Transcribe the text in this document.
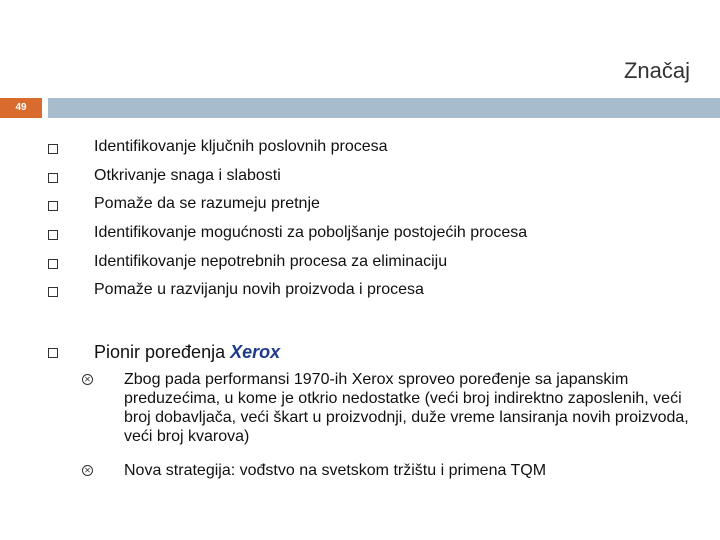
Značaj
49
Identifikovanje ključnih poslovnih procesa
Otkrivanje snaga i slabosti
Pomaže da se razumeju pretnje
Identifikovanje mogućnosti za poboljšanje postojećih procesa
Identifikovanje nepotrebnih procesa za eliminaciju
Pomaže u razvijanju novih proizvoda i procesa
Pionir poređenja Xerox
✕ Zbog pada performansi 1970-ih Xerox sproveo poređenje sa japanskim preduzećima, u kome je otkrio nedostatke (veći broj indirektno zaposlenih, veći broj dobavljača, veći škart u proizvodnji, duže vreme lansiranja novih proizvoda, veći broj kvarova)
✕ Nova strategija: vođstvo na svetskom tržištu i primena TQM
